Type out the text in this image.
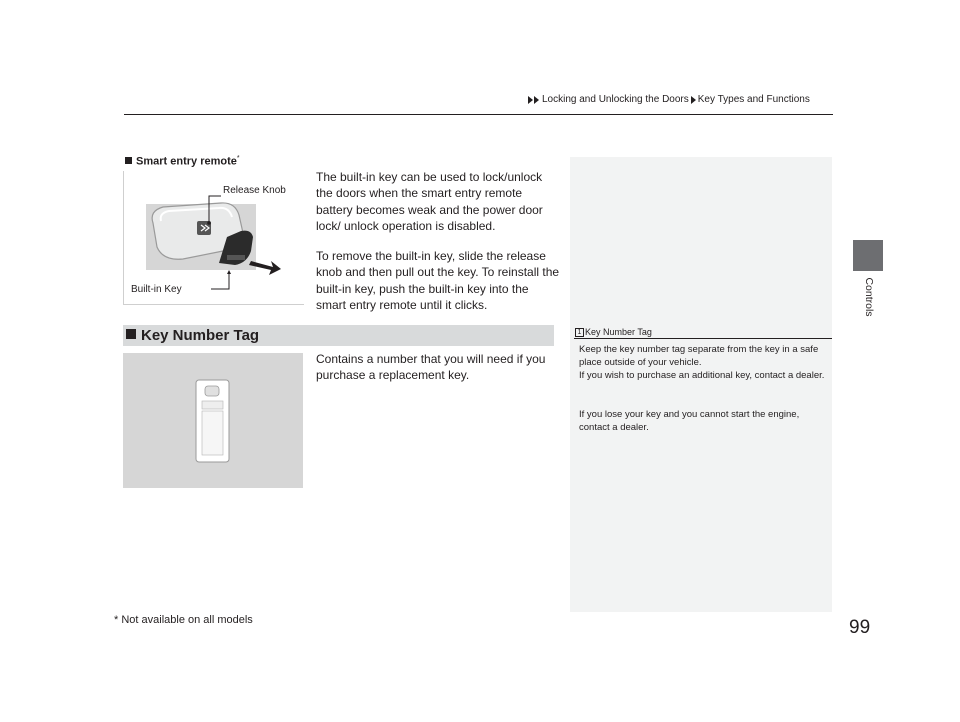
Locking and Unlocking the Doors Key Types and Functions
Controls
Smart entry remote*
Release Knob
Built-in Key
The built-in key can be used to lock/unlock the doors when the smart entry remote battery becomes weak and the power door lock/ unlock operation is disabled.
To remove the built-in key, slide the release knob and then pull out the key. To reinstall the built-in key, push the built-in key into the smart entry remote until it clicks.
Key Number Tag
Contains a number that you will need if you purchase a replacement key.
1 Key Number Tag
Keep the key number tag separate from the key in a safe place outside of your vehicle.
If you wish to purchase an additional key, contact a dealer.
If you lose your key and you cannot start the engine, contact a dealer.
* Not available on all models	99
